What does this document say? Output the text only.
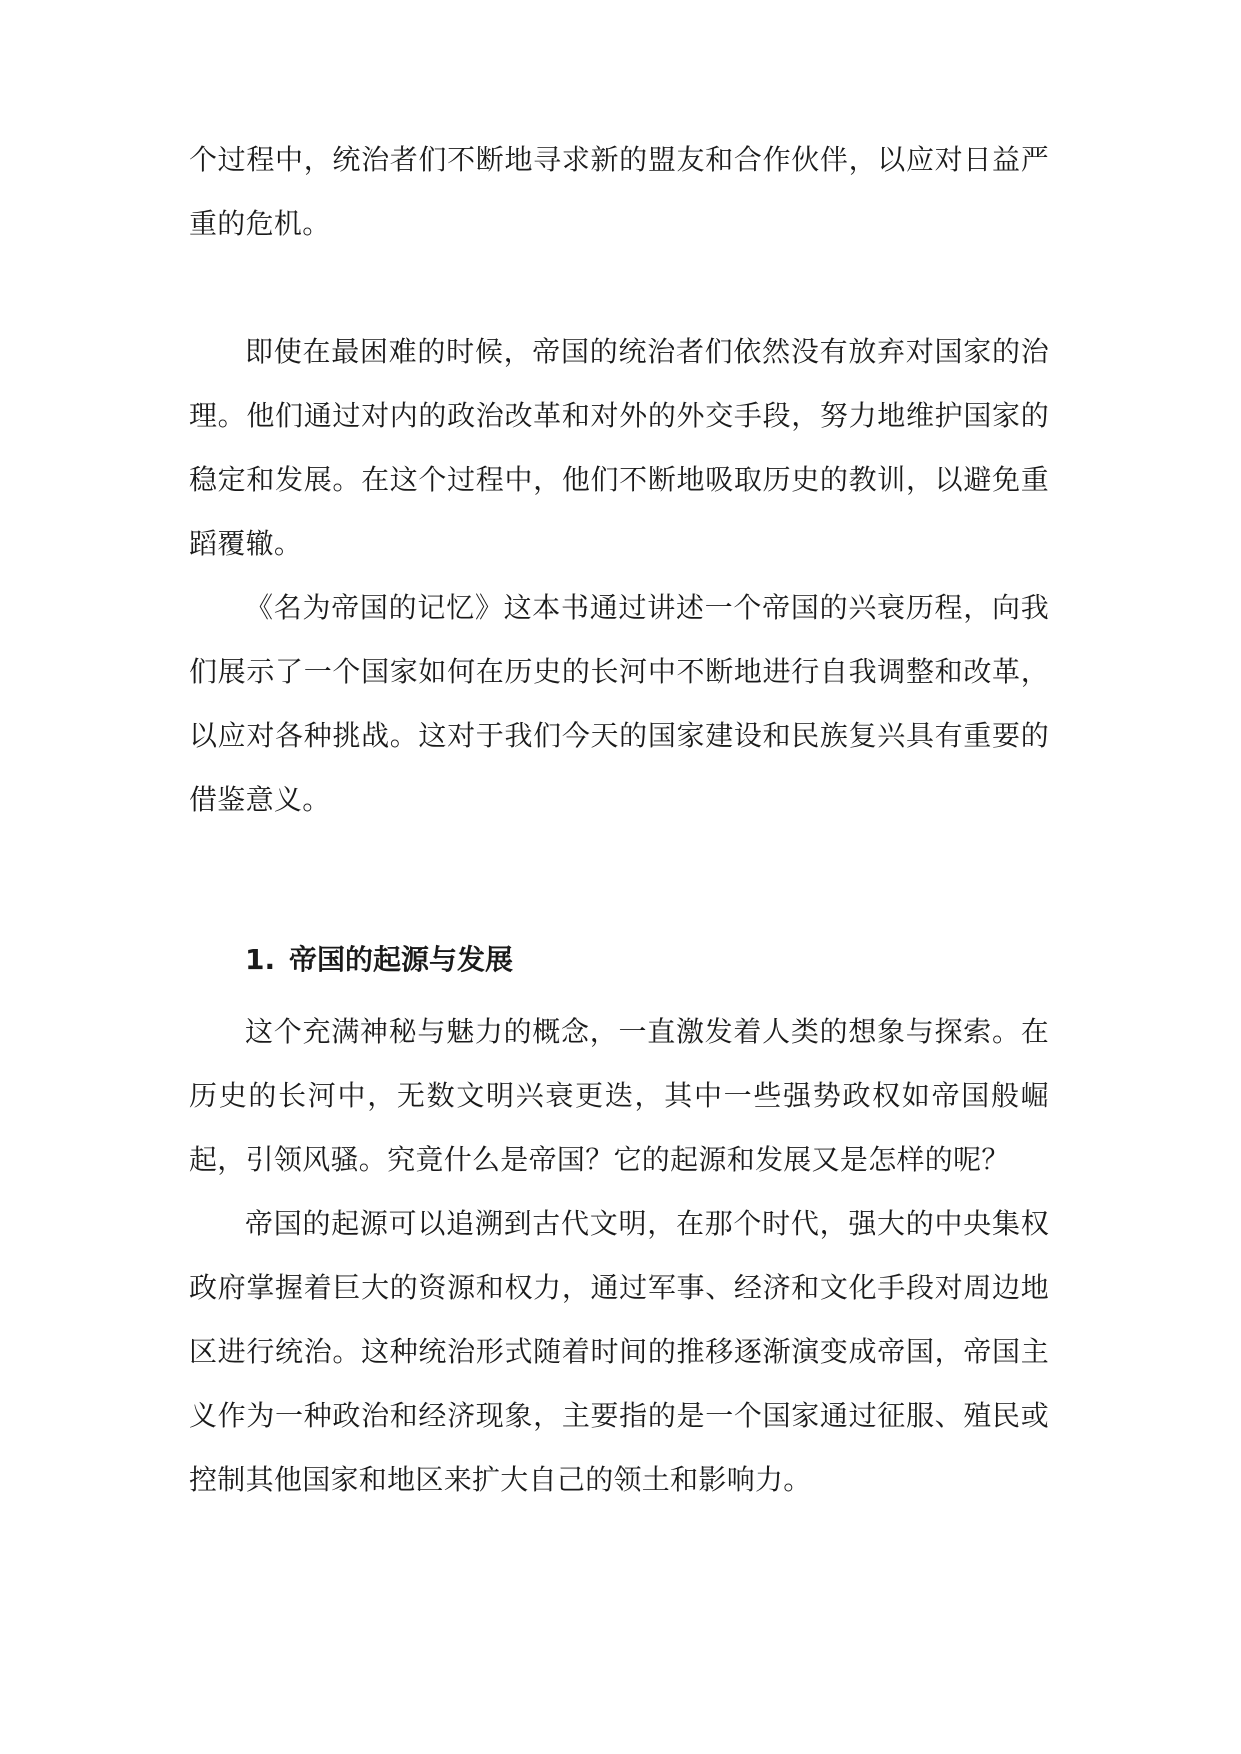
个过程中，统治者们不断地寻求新的盟友和合作伙伴，以应对日益严重的危机。

即使在最困难的时候，帝国的统治者们依然没有放弃对国家的治理。他们通过对内的政治改革和对外的外交手段，努力地维护国家的稳定和发展。在这个过程中，他们不断地吸取历史的教训，以避免重蹈覆辙。

《名为帝国的记忆》这本书通过讲述一个帝国的兴衰历程，向我们展示了一个国家如何在历史的长河中不断地进行自我调整和改革，以应对各种挑战。这对于我们今天的国家建设和民族复兴具有重要的借鉴意义。

1. 帝国的起源与发展

这个充满神秘与魅力的概念，一直激发着人类的想象与探索。在历史的长河中，无数文明兴衰更迭，其中一些强势政权如帝国般崛起，引领风骚。究竟什么是帝国？它的起源和发展又是怎样的呢？

帝国的起源可以追溯到古代文明，在那个时代，强大的中央集权政府掌握着巨大的资源和权力，通过军事、经济和文化手段对周边地区进行统治。这种统治形式随着时间的推移逐渐演变成帝国，帝国主义作为一种政治和经济现象，主要指的是一个国家通过征服、殖民或控制其他国家和地区来扩大自己的领土和影响力。
